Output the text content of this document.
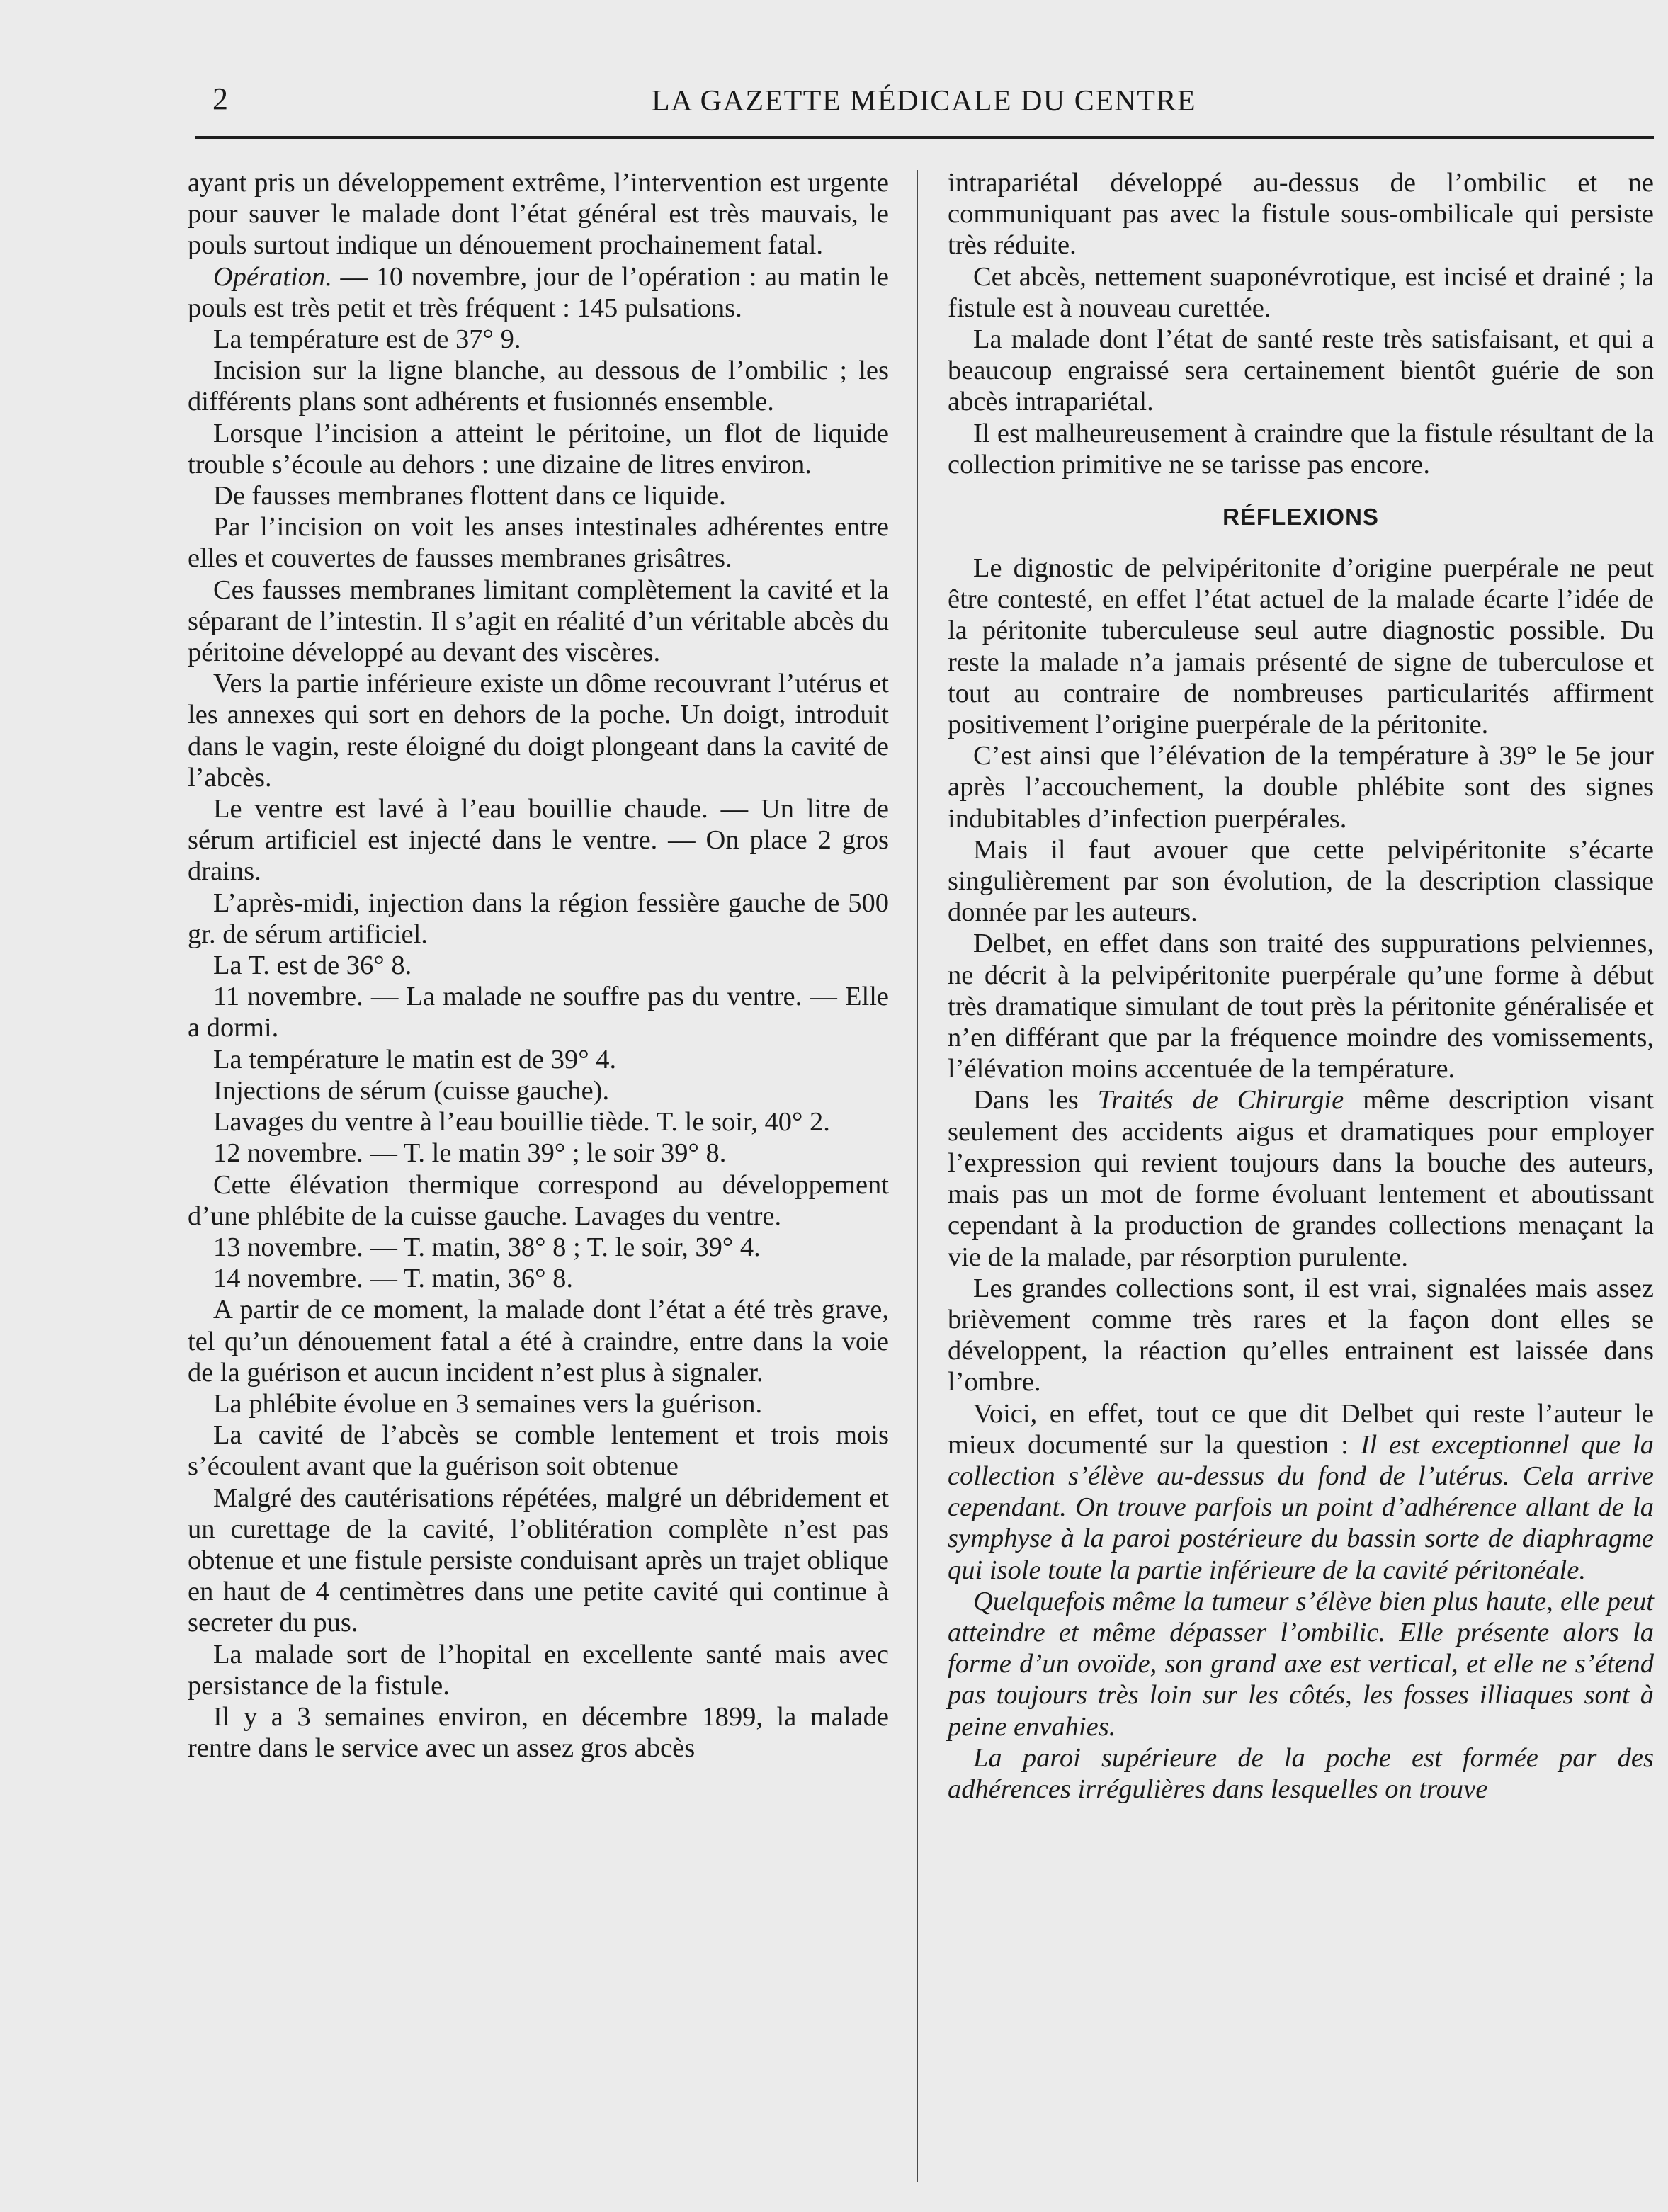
2	LA GAZETTE MÉDICALE DU CENTRE

ayant pris un développement extrême, l’intervention est urgente pour sauver le malade dont l’état général est très mauvais, le pouls surtout indique un dénouement prochainement fatal.

Opération. — 10 novembre, jour de l’opération : au matin le pouls est très petit et très fréquent : 145 pulsations.

La température est de 37° 9.

Incision sur la ligne blanche, au dessous de l’ombilic ; les différents plans sont adhérents et fusionnés ensemble.

Lorsque l’incision a atteint le péritoine, un flot de liquide trouble s’écoule au dehors : une dizaine de litres environ.

De fausses membranes flottent dans ce liquide.

Par l’incision on voit les anses intestinales adhérentes entre elles et couvertes de fausses membranes grisâtres.

Ces fausses membranes limitant complètement la cavité et la séparant de l’intestin. Il s’agit en réalité d’un véritable abcès du péritoine développé au devant des viscères.

Vers la partie inférieure existe un dôme recouvrant l’utérus et les annexes qui sort en dehors de la poche. Un doigt, introduit dans le vagin, reste éloigné du doigt plongeant dans la cavité de l’abcès.

Le ventre est lavé à l’eau bouillie chaude. — Un litre de sérum artificiel est injecté dans le ventre. — On place 2 gros drains.

L’après-midi, injection dans la région fessière gauche de 500 gr. de sérum artificiel.

La T. est de 36° 8.

11 novembre. — La malade ne souffre pas du ventre. — Elle a dormi.

La température le matin est de 39° 4.

Injections de sérum (cuisse gauche).

Lavages du ventre à l’eau bouillie tiède. T. le soir, 40° 2.

12 novembre. — T. le matin 39° ; le soir 39° 8.

Cette élévation thermique correspond au développement d’une phlébite de la cuisse gauche. Lavages du ventre.

13 novembre. — T. matin, 38° 8 ; T. le soir, 39° 4.

14 novembre. — T. matin, 36° 8.

A partir de ce moment, la malade dont l’état a été très grave, tel qu’un dénouement fatal a été à craindre, entre dans la voie de la guérison et aucun incident n’est plus à signaler.

La phlébite évolue en 3 semaines vers la guérison.

La cavité de l’abcès se comble lentement et trois mois s’écoulent avant que la guérison soit obtenue

Malgré des cautérisations répétées, malgré un débridement et un curettage de la cavité, l’oblitération complète n’est pas obtenue et une fistule persiste conduisant après un trajet oblique en haut de 4 centimètres dans une petite cavité qui continue à secreter du pus.

La malade sort de l’hopital en excellente santé mais avec persistance de la fistule.

Il y a 3 semaines environ, en décembre 1899, la malade rentre dans le service avec un assez gros abcès

intrapariétal développé au-dessus de l’ombilic et ne communiquant pas avec la fistule sous-ombilicale qui persiste très réduite.

Cet abcès, nettement suaponévrotique, est incisé et drainé ; la fistule est à nouveau curettée.

La malade dont l’état de santé reste très satisfaisant, et qui a beaucoup engraissé sera certainement bientôt guérie de son abcès intrapariétal.

Il est malheureusement à craindre que la fistule résultant de la collection primitive ne se tarisse pas encore.

RÉFLEXIONS

Le dignostic de pelvipéritonite d’origine puerpérale ne peut être contesté, en effet l’état actuel de la malade écarte l’idée de la péritonite tuberculeuse seul autre diagnostic possible. Du reste la malade n’a jamais présenté de signe de tuberculose et tout au contraire de nombreuses particularités affirment positivement l’origine puerpérale de la péritonite.

C’est ainsi que l’élévation de la température à 39° le 5e jour après l’accouchement, la double phlébite sont des signes indubitables d’infection puerpérales.

Mais il faut avouer que cette pelvipéritonite s’écarte singulièrement par son évolution, de la description classique donnée par les auteurs.

Delbet, en effet dans son traité des suppurations pelviennes, ne décrit à la pelvipéritonite puerpérale qu’une forme à début très dramatique simulant de tout près la péritonite généralisée et n’en différant que par la fréquence moindre des vomissements, l’élévation moins accentuée de la température.

Dans les Traités de Chirurgie même description visant seulement des accidents aigus et dramatiques pour employer l’expression qui revient toujours dans la bouche des auteurs, mais pas un mot de forme évoluant lentement et aboutissant cependant à la production de grandes collections menaçant la vie de la malade, par résorption purulente.

Les grandes collections sont, il est vrai, signalées mais assez brièvement comme très rares et la façon dont elles se développent, la réaction qu’elles entrainent est laissée dans l’ombre.

Voici, en effet, tout ce que dit Delbet qui reste l’auteur le mieux documenté sur la question : Il est exceptionnel que la collection s’élève au-dessus du fond de l’utérus. Cela arrive cependant. On trouve parfois un point d’adhérence allant de la symphyse à la paroi postérieure du bassin sorte de diaphragme qui isole toute la partie inférieure de la cavité péritonéale.

Quelquefois même la tumeur s’élève bien plus haute, elle peut atteindre et même dépasser l’ombilic. Elle présente alors la forme d’un ovoïde, son grand axe est vertical, et elle ne s’étend pas toujours très loin sur les côtés, les fosses illiaques sont à peine envahies.

La paroi supérieure de la poche est formée par des adhérences irrégulières dans lesquelles on trouve
